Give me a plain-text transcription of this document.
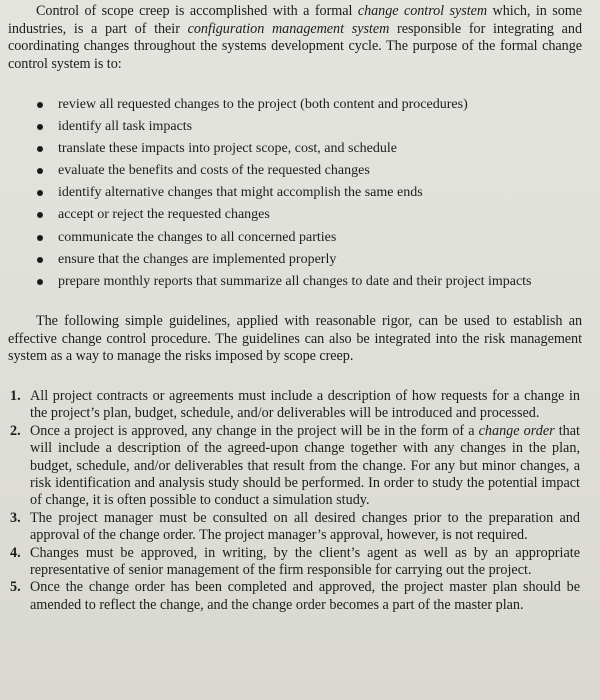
Control of scope creep is accomplished with a formal change control system which, in some industries, is a part of their configuration management system responsible for integrating and coordinating changes throughout the systems development cycle. The purpose of the formal change control system is to:

review all requested changes to the project (both content and procedures)
identify all task impacts
translate these impacts into project scope, cost, and schedule
evaluate the benefits and costs of the requested changes
identify alternative changes that might accomplish the same ends
accept or reject the requested changes
communicate the changes to all concerned parties
ensure that the changes are implemented properly
prepare monthly reports that summarize all changes to date and their project impacts

The following simple guidelines, applied with reasonable rigor, can be used to establish an effective change control procedure. The guidelines can also be integrated into the risk management system as a way to manage the risks imposed by scope creep.

1. All project contracts or agreements must include a description of how requests for a change in the project’s plan, budget, schedule, and/or deliverables will be introduced and processed.
2. Once a project is approved, any change in the project will be in the form of a change order that will include a description of the agreed-upon change together with any changes in the plan, budget, schedule, and/or deliverables that result from the change. For any but minor changes, a risk identification and analysis study should be performed. In order to study the potential impact of change, it is often possible to conduct a simulation study.
3. The project manager must be consulted on all desired changes prior to the preparation and approval of the change order. The project manager’s approval, however, is not required.
4. Changes must be approved, in writing, by the client’s agent as well as by an appropriate representative of senior management of the firm responsible for carrying out the project.
5. Once the change order has been completed and approved, the project master plan should be amended to reflect the change, and the change order becomes a part of the master plan.
